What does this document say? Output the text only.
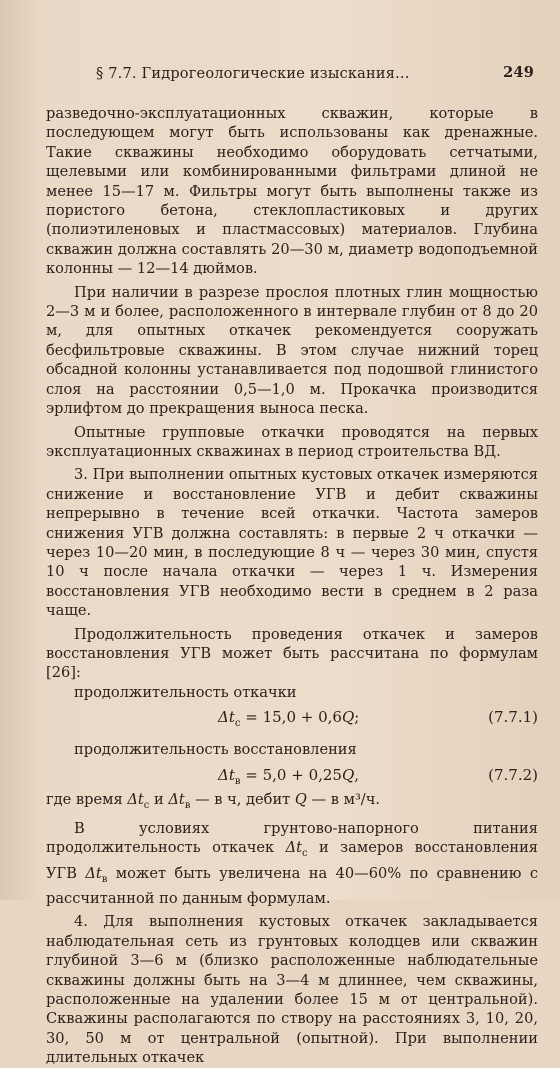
§ 7.7. Гидрогеологические изыскания...	249

разведочно-эксплуатационных скважин, которые в последующем могут быть использованы как дренажные. Такие скважины необходимо оборудовать сетчатыми, щелевыми или комбинированными фильтрами длиной не менее 15—17 м. Фильтры могут быть выполнены также из пористого бетона, стеклопластиковых и других (полиэтиленовых и пластмассовых) материалов. Глубина скважин должна составлять 20—30 м, диаметр водоподъемной колонны — 12—14 дюймов.

При наличии в разрезе прослоя плотных глин мощностью 2—3 м и более, расположенного в интервале глубин от 8 до 20 м, для опытных откачек рекомендуется сооружать бесфильтровые скважины. В этом случае нижний торец обсадной колонны устанавливается под подошвой глинистого слоя на расстоянии 0,5—1,0 м. Прокачка производится эрлифтом до прекращения выноса песка.

Опытные групповые откачки проводятся на первых эксплуатационных скважинах в период строительства ВД.

3. При выполнении опытных кустовых откачек измеряются снижение и восстановление УГВ и дебит скважины непрерывно в течение всей откачки. Частота замеров снижения УГВ должна составлять: в первые 2 ч откачки — через 10—20 мин, в последующие 8 ч — через 30 мин, спустя 10 ч после начала откачки — через 1 ч. Измерения восстановления УГВ необходимо вести в среднем в 2 раза чаще.

Продолжительность проведения откачек и замеров восстановления УГВ может быть рассчитана по формулам [26]:

продолжительность откачки

$\Delta t_с = 15,0 + 0,6Q$;	(7.7.1)

продолжительность восстановления

$\Delta t_в = 5,0 + 0,25Q$,	(7.7.2)

где время $\Delta t_с$ и $\Delta t_в$ — в ч, дебит Q — в м³/ч.

В условиях грунтово-напорного питания продолжительность откачек $\Delta t_с$ и замеров восстановления УГВ $\Delta t_в$ может быть увеличена на 40—60% по сравнению с рассчитанной по данным формулам.

4. Для выполнения кустовых откачек закладывается наблюдательная сеть из грунтовых колодцев или скважин глубиной 3—6 м (близко расположенные наблюдательные скважины должны быть на 3—4 м длиннее, чем скважины, расположенные на удалении более 15 м от центральной). Скважины располагаются по створу на расстояниях 3, 10, 20, 30, 50 м от центральной (опытной). При выполнении длительных откачек
